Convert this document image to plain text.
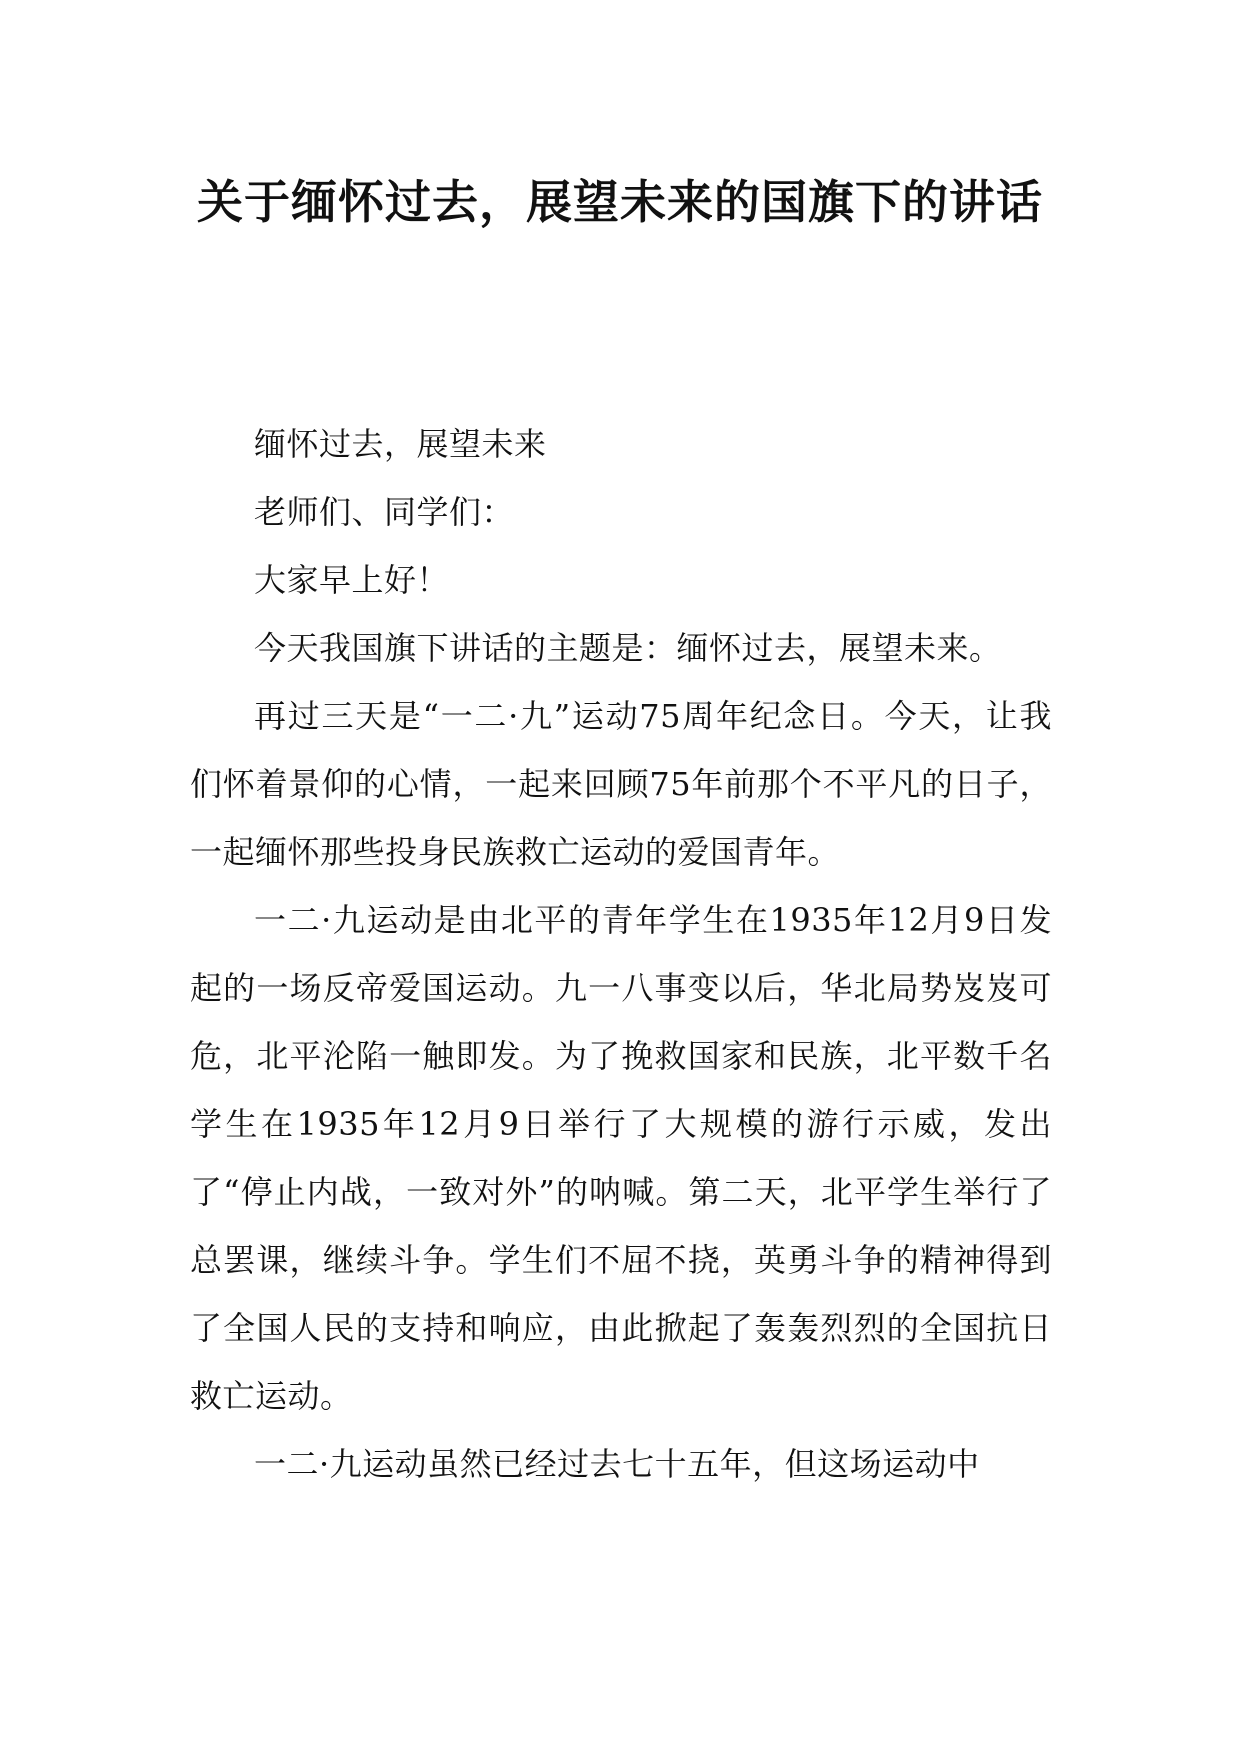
关于缅怀过去，展望未来的国旗下的讲话

缅怀过去，展望未来

老师们、同学们：

大家早上好！

今天我国旗下讲话的主题是：缅怀过去，展望未来。

再过三天是“一二·九”运动75周年纪念日。今天，让我们怀着景仰的心情，一起来回顾75年前那个不平凡的日子，一起缅怀那些投身民族救亡运动的爱国青年。

一二·九运动是由北平的青年学生在1935年12月9日发起的一场反帝爱国运动。九一八事变以后，华北局势岌岌可危，北平沦陷一触即发。为了挽救国家和民族，北平数千名学生在1935年12月9日举行了大规模的游行示威，发出了“停止内战，一致对外”的呐喊。第二天，北平学生举行了总罢课，继续斗争。学生们不屈不挠，英勇斗争的精神得到了全国人民的支持和响应，由此掀起了轰轰烈烈的全国抗日救亡运动。

一二·九运动虽然已经过去七十五年，但这场运动中
